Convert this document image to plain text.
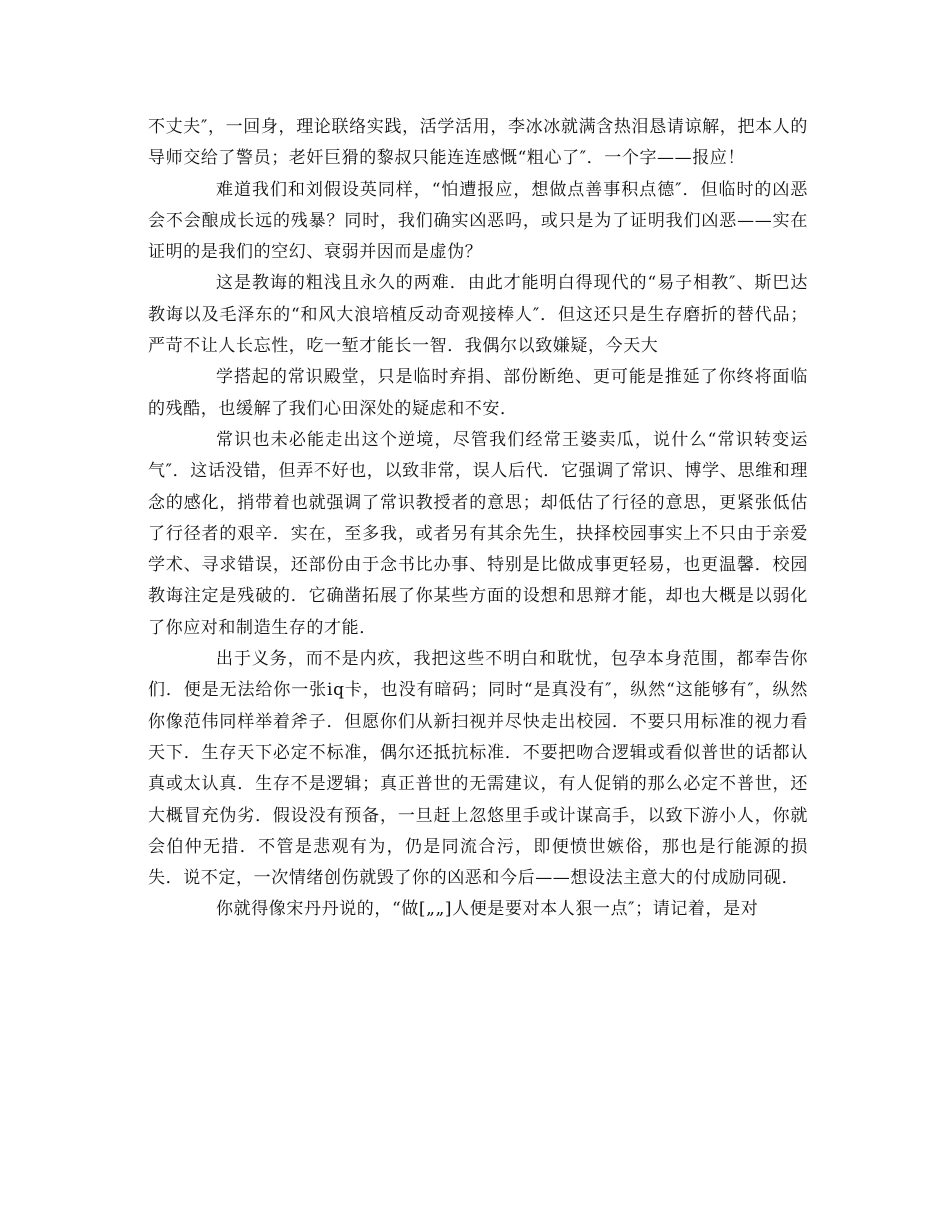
不丈夫″，一回身，理论联络实践，活学活用，李冰冰就满含热泪恳请谅解，把本人的导师交给了警员；老奸巨猾的黎叔只能连连感慨“粗心了″．一个字——报应！

难道我们和刘假设英同样，“怕遭报应，想做点善事积点德″．但临时的凶恶会不会酿成长远的残暴？同时，我们确实凶恶吗，或只是为了证明我们凶恶——实在证明的是我们的空幻、衰弱并因而是虚伪？

这是教诲的粗浅且永久的两难．由此才能明白得现代的“易子相教″、斯巴达教诲以及毛泽东的“和风大浪培植反动奇观接棒人″．但这还只是生存磨折的替代品；严苛不让人长忘性，吃一堑才能长一智．我偶尔以致嫌疑，今天大

学搭起的常识殿堂，只是临时弃捐、部份断绝、更可能是推延了你终将面临的残酷，也缓解了我们心田深处的疑虑和不安．

常识也未必能走出这个逆境，尽管我们经常王婆卖瓜，说什么“常识转变运气″．这话没错，但弄不好也，以致非常，误人后代．它强调了常识、博学、思维和理念的感化，捎带着也就强调了常识教授者的意思；却低估了行径的意思，更紧张低估了行径者的艰辛．实在，至多我，或者另有其余先生，抉择校园事实上不只由于亲爱学术、寻求错误，还部份由于念书比办事、特别是比做成事更轻易，也更温馨．校园教诲注定是残破的．它确凿拓展了你某些方面的设想和思辩才能，却也大概是以弱化了你应对和制造生存的才能．

出于义务，而不是内疚，我把这些不明白和耽忧，包孕本身范围，都奉告你们．便是无法给你一张iq卡，也没有暗码；同时“是真没有″，纵然“这能够有″，纵然你像范伟同样举着斧子．但愿你们从新扫视并尽快走出校园．不要只用标准的视力看天下．生存天下必定不标准，偶尔还抵抗标准．不要把吻合逻辑或看似普世的话都认真或太认真．生存不是逻辑；真正普世的无需建议，有人促销的那么必定不普世，还大概冒充伪劣．假设没有预备，一旦赶上忽悠里手或计谋高手，以致下游小人，你就会伯仲无措．不管是悲观有为，仍是同流合污，即便愤世嫉俗，那也是行能源的损失．说不定，一次情绪创伤就毁了你的凶恶和今后——想设法主意大的付成励同砚．

你就得像宋丹丹说的，“做[„„]人便是要对本人狠一点″；请记着，是对
